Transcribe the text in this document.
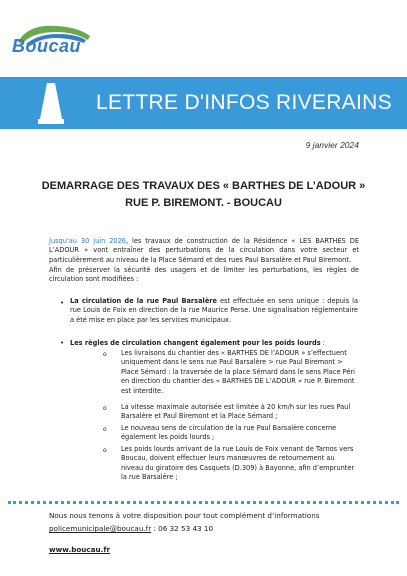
Boucau
LETTRE D'INFOS RIVERAINS
9 janvier 2024
DEMARRAGE DES TRAVAUX DES « BARTHES DE L’ADOUR »
RUE P. BIREMONT. - BOUCAU
Jusqu'au 30 juin 2026, les travaux de construction de la Résidence « LES BARTHES DE L’ADOUR » vont entraîner des perturbations de la circulation dans votre secteur et particulièrement au niveau de la Place Sémard et des rues Paul Barsalère et Paul Biremont.
Afin de préserver la sécurité des usagers et de limiter les perturbations, les règles de circulation sont modifiées :
• La circulation de la rue Paul Barsalère est effectuée en sens unique : depuis la rue Louis de Foix en direction de la rue Maurice Perse. Une signalisation réglementaire a été mise en place par les services municipaux.
• Les règles de circulation changent également pour les poids lourds :
o Les livraisons du chantier des « BARTHES DE l’ADOUR » s’effectuent uniquement dans le sens rue Paul Barsalère > rue Paul Biremont > Place Sémard : la traversée de la place Sémard dans le sens Place Péri en direction du chantier des « BARTHES DE L’ADOUR » rue P. Biremont est interdite.
o La vitesse maximale autorisée est limitée à 20 km/h sur les rues Paul Barsalère et Paul Biremont et la Place Sémard ;
o Le nouveau sens de circulation de la rue Paul Barsalère concerne également les poids lourds ;
o Les poids lourds arrivant de la rue Louis de Foix venant de Tarnos vers Boucau, doivent effectuer leurs manœuvres de retournement au niveau du giratoire des Casquets (D.309) à Bayonne, afin d’emprunter la rue Barsalère ;
Nous nous tenons à votre disposition pour tout complément d’informations
policemunicipale@boucau.fr : 06 32 53 43 10
www.boucau.fr
